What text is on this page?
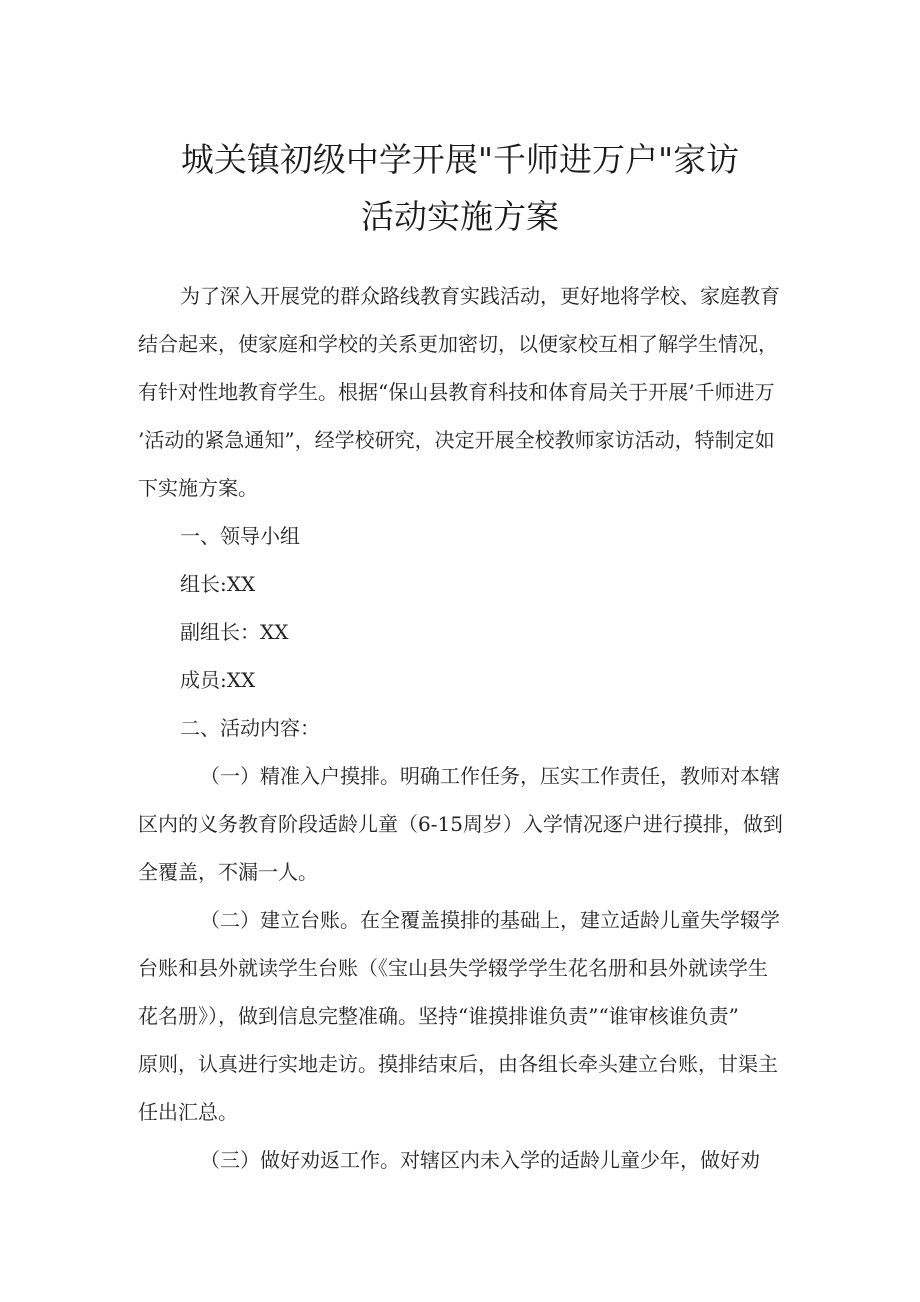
城关镇初级中学开展"千师进万户"家访
活动实施方案
为了深入开展党的群众路线教育实践活动，更好地将学校、家庭教育
结合起来，使家庭和学校的关系更加密切，以便家校互相了解学生情况，
有针对性地教育学生。根据“保山县教育科技和体育局关于开展’千师进万
’活动的紧急通知”，经学校研究，决定开展全校教师家访活动，特制定如
下实施方案。
一、领导小组
组长:XX
副组长：XX
成员:XX
二、活动内容：
（一）精准入户摸排。明确工作任务，压实工作责任，教师对本辖
区内的义务教育阶段适龄儿童（6-15周岁）入学情况逐户进行摸排，做到
全覆盖，不漏一人。
（二）建立台账。在全覆盖摸排的基础上，建立适龄儿童失学辍学
台账和县外就读学生台账（《宝山县失学辍学学生花名册和县外就读学生
花名册》），做到信息完整准确。坚持“谁摸排谁负责”“谁审核谁负责”
原则，认真进行实地走访。摸排结束后，由各组长牵头建立台账，甘渠主
任出汇总。
（三）做好劝返工作。对辖区内未入学的适龄儿童少年，做好劝
